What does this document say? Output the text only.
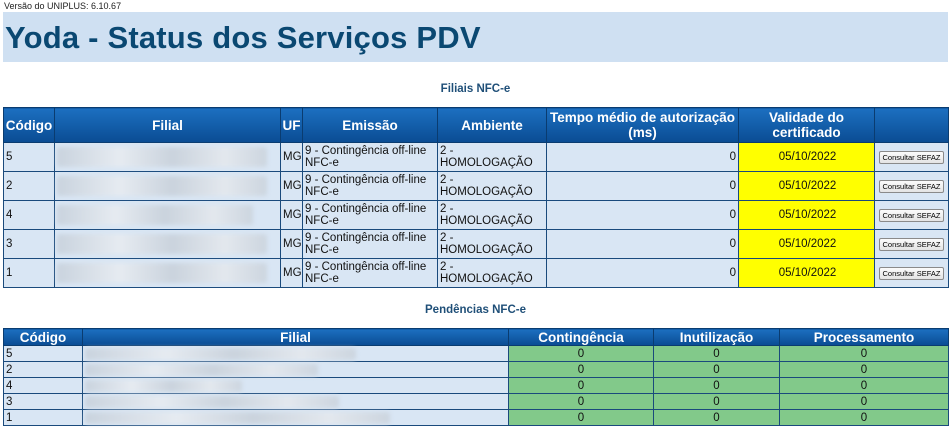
Versão do UNIPLUS: 6.10.67
Yoda - Status dos Serviços PDV
Filiais NFC-e
Código	Filial	UF	Emissão	Ambiente	Tempo médio de autorização (ms)	Validade do certificado	
5		MG	9 - Contingência off-line NFC-e	2 - HOMOLOGAÇÃO	0	05/10/2022	Consultar SEFAZ
2		MG	9 - Contingência off-line NFC-e	2 - HOMOLOGAÇÃO	0	05/10/2022	Consultar SEFAZ
4		MG	9 - Contingência off-line NFC-e	2 - HOMOLOGAÇÃO	0	05/10/2022	Consultar SEFAZ
3		MG	9 - Contingência off-line NFC-e	2 - HOMOLOGAÇÃO	0	05/10/2022	Consultar SEFAZ
1		MG	9 - Contingência off-line NFC-e	2 - HOMOLOGAÇÃO	0	05/10/2022	Consultar SEFAZ
Pendências NFC-e
Código	Filial	Contingência	Inutilização	Processamento
5		0	0	0
2		0	0	0
4		0	0	0
3		0	0	0
1		0	0	0
